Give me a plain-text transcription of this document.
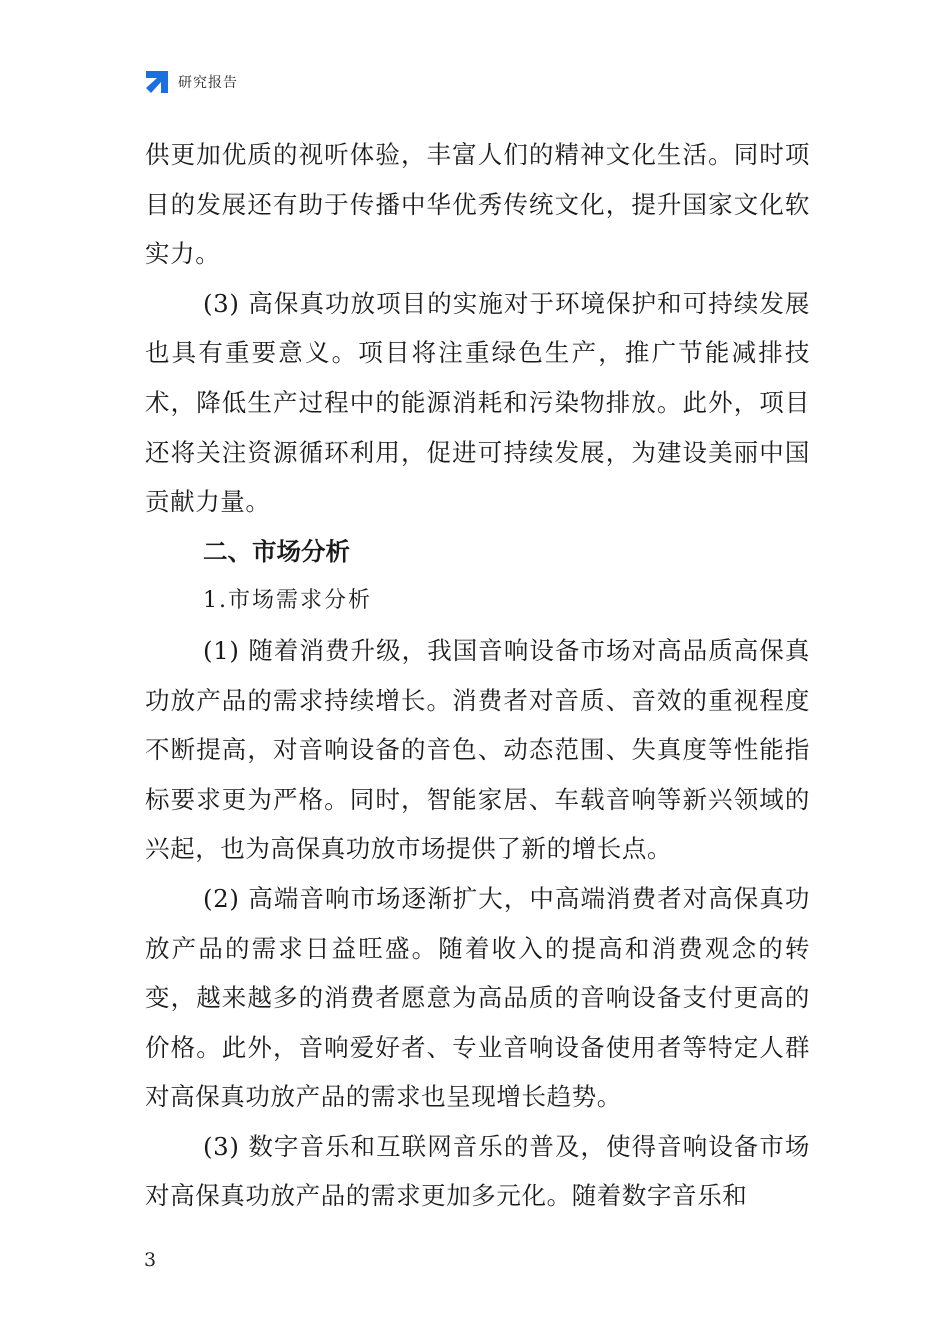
研究报告

供更加优质的视听体验，丰富人们的精神文化生活。同时项目的发展还有助于传播中华优秀传统文化，提升国家文化软实力。

(3) 高保真功放项目的实施对于环境保护和可持续发展也具有重要意义。项目将注重绿色生产，推广节能减排技术，降低生产过程中的能源消耗和污染物排放。此外，项目还将关注资源循环利用，促进可持续发展，为建设美丽中国贡献力量。

二、市场分析

1.市场需求分析

(1) 随着消费升级，我国音响设备市场对高品质高保真功放产品的需求持续增长。消费者对音质、音效的重视程度不断提高，对音响设备的音色、动态范围、失真度等性能指标要求更为严格。同时，智能家居、车载音响等新兴领域的兴起，也为高保真功放市场提供了新的增长点。

(2) 高端音响市场逐渐扩大，中高端消费者对高保真功放产品的需求日益旺盛。随着收入的提高和消费观念的转变，越来越多的消费者愿意为高品质的音响设备支付更高的价格。此外，音响爱好者、专业音响设备使用者等特定人群对高保真功放产品的需求也呈现增长趋势。

(3) 数字音乐和互联网音乐的普及，使得音响设备市场对高保真功放产品的需求更加多元化。随着数字音乐和

3
